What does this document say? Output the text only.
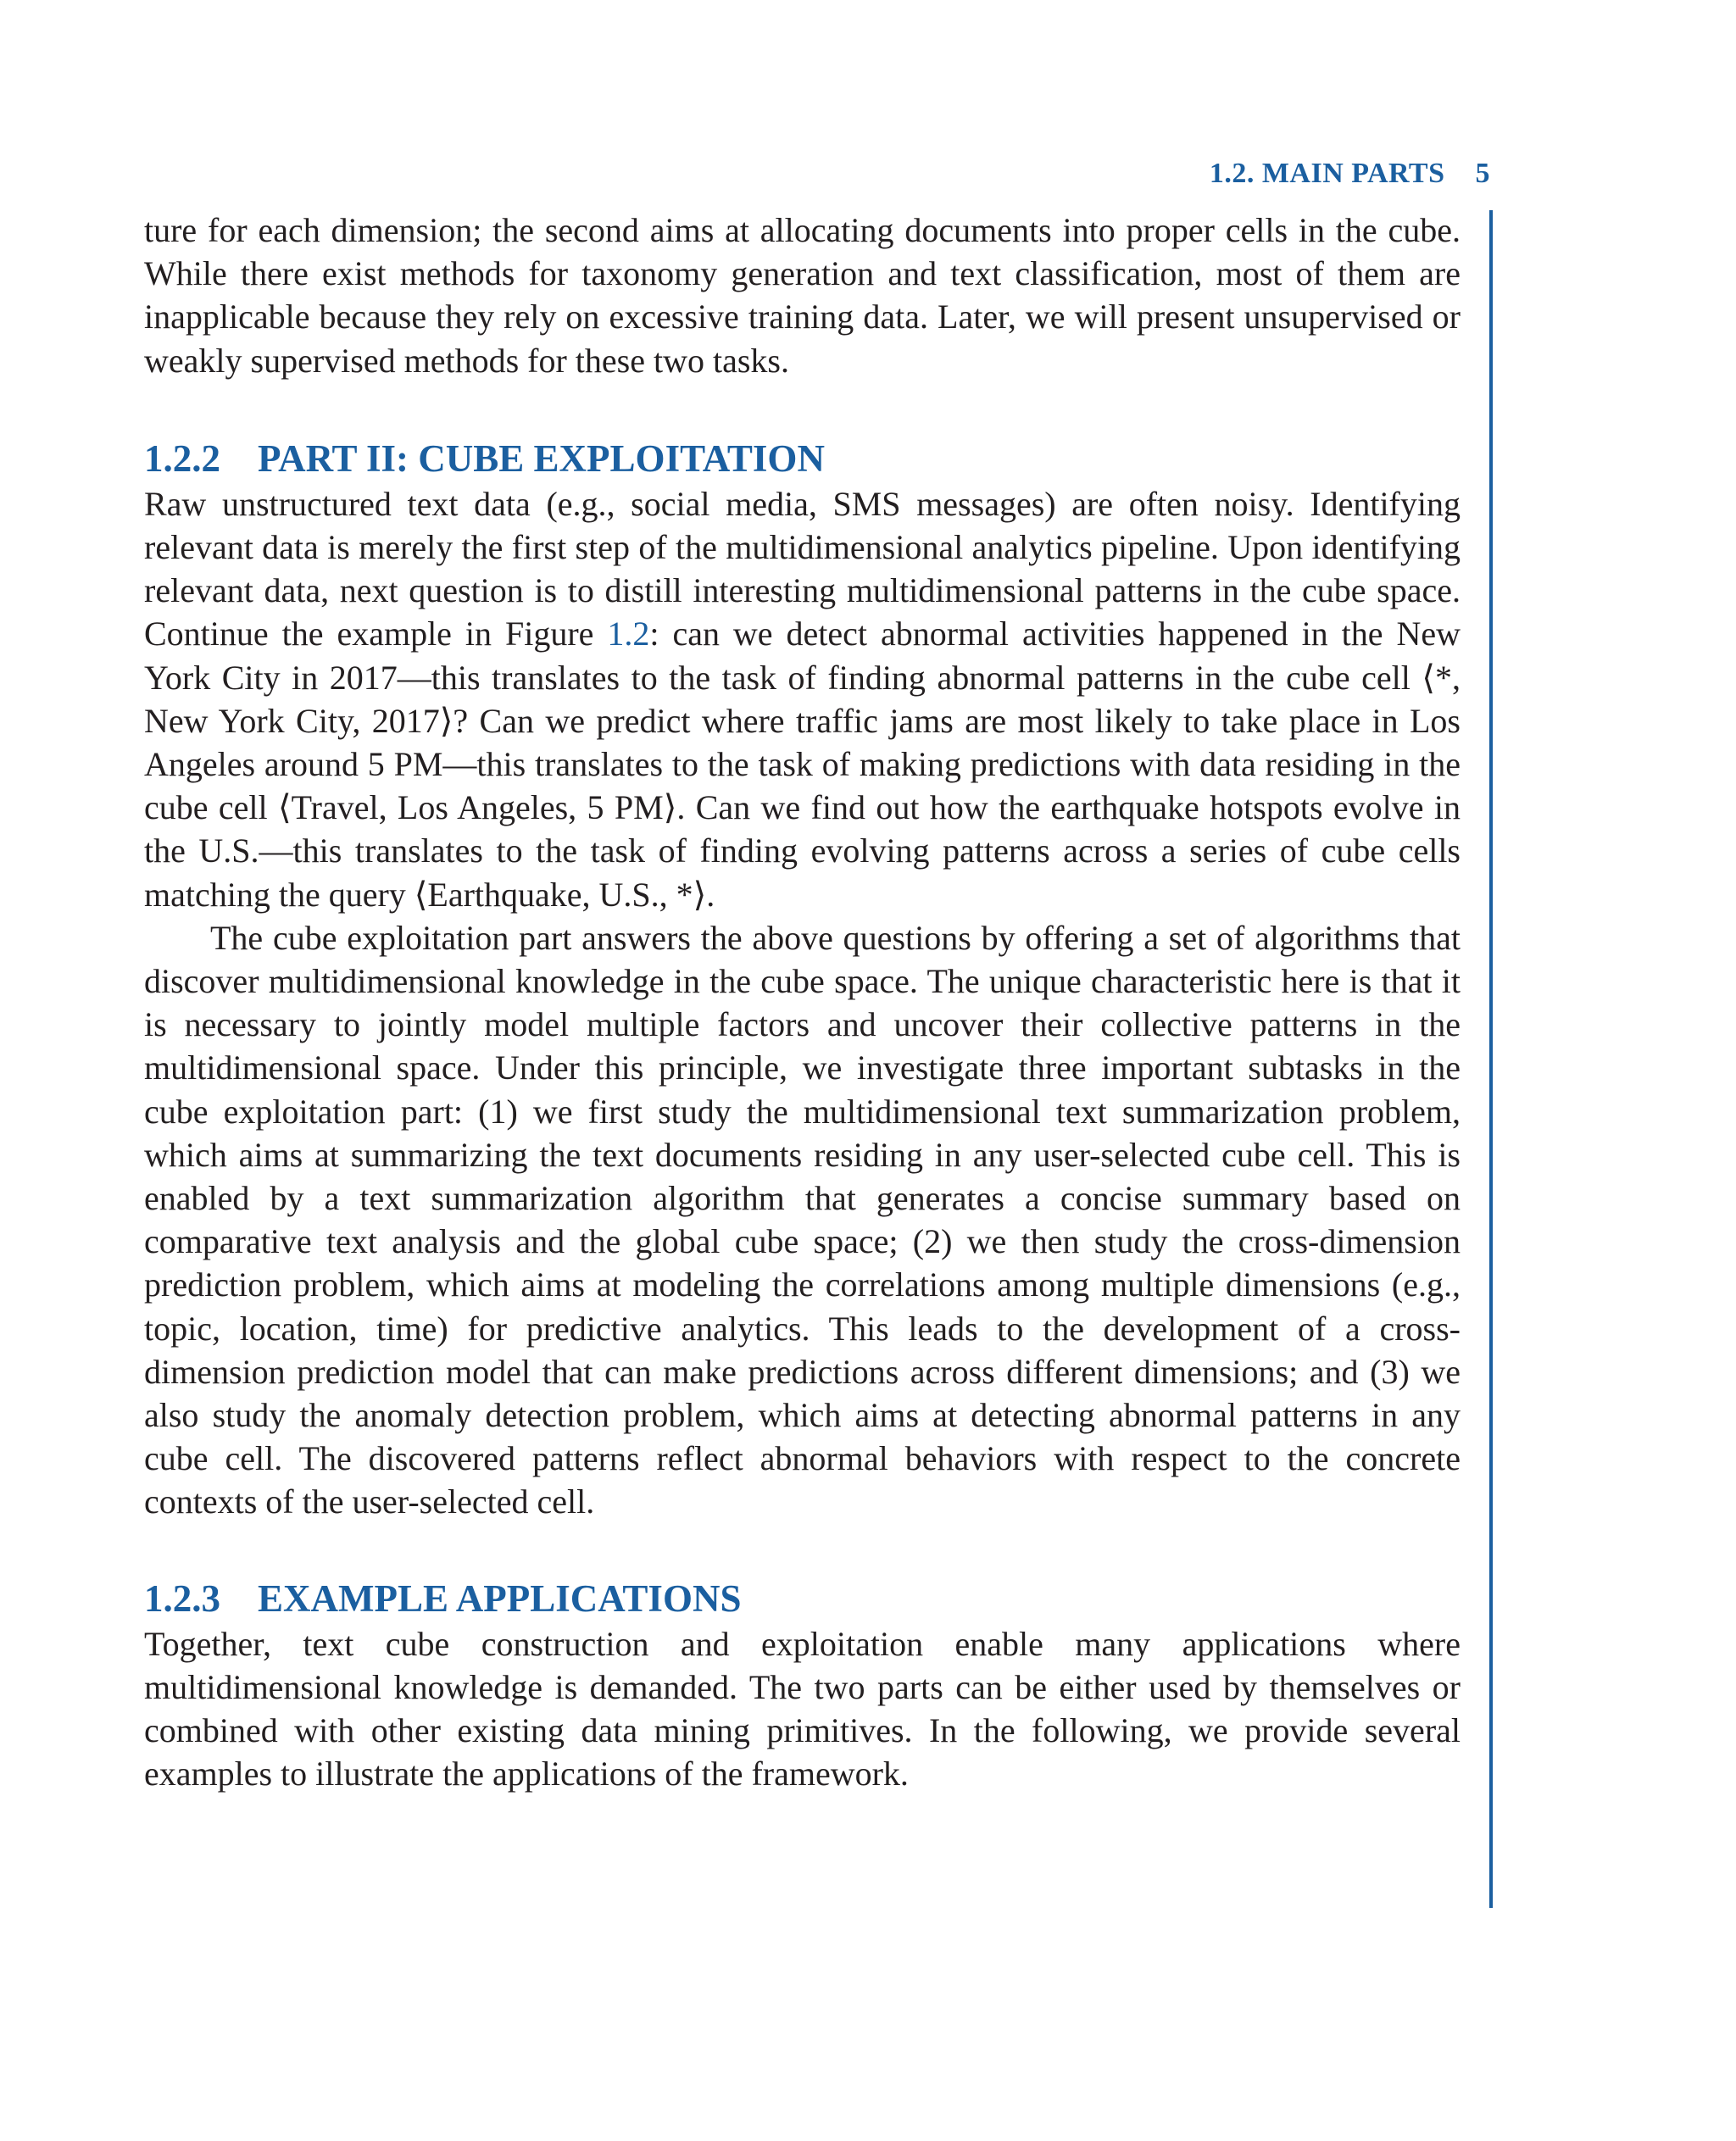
1.2. MAIN PARTS 5

ture for each dimension; the second aims at allocating documents into proper cells in the cube. While there exist methods for taxonomy generation and text classification, most of them are inapplicable because they rely on excessive training data. Later, we will present unsupervised or weakly supervised methods for these two tasks.

1.2.2 PART II: CUBE EXPLOITATION

Raw unstructured text data (e.g., social media, SMS messages) are often noisy. Identifying relevant data is merely the first step of the multidimensional analytics pipeline. Upon identifying relevant data, next question is to distill interesting multidimensional patterns in the cube space. Continue the example in Figure 1.2: can we detect abnormal activities happened in the New York City in 2017—this translates to the task of finding abnormal patterns in the cube cell ⟨*, New York City, 2017⟩? Can we predict where traffic jams are most likely to take place in Los Angeles around 5 PM—this translates to the task of making predictions with data residing in the cube cell ⟨Travel, Los Angeles, 5 PM⟩. Can we find out how the earthquake hotspots evolve in the U.S.—this translates to the task of finding evolving patterns across a series of cube cells matching the query ⟨Earthquake, U.S., *⟩.

The cube exploitation part answers the above questions by offering a set of algorithms that discover multidimensional knowledge in the cube space. The unique characteristic here is that it is necessary to jointly model multiple factors and uncover their collective patterns in the multidimensional space. Under this principle, we investigate three important subtasks in the cube exploitation part: (1) we first study the multidimensional text summarization problem, which aims at summarizing the text documents residing in any user-selected cube cell. This is enabled by a text summarization algorithm that generates a concise summary based on comparative text analysis and the global cube space; (2) we then study the cross-dimension prediction problem, which aims at modeling the correlations among multiple dimensions (e.g., topic, location, time) for predictive analytics. This leads to the development of a cross-dimension prediction model that can make predictions across different dimensions; and (3) we also study the anomaly detection problem, which aims at detecting abnormal patterns in any cube cell. The discovered patterns reflect abnormal behaviors with respect to the concrete contexts of the user-selected cell.

1.2.3 EXAMPLE APPLICATIONS

Together, text cube construction and exploitation enable many applications where multidimensional knowledge is demanded. The two parts can be either used by themselves or combined with other existing data mining primitives. In the following, we provide several examples to illustrate the applications of the framework.
